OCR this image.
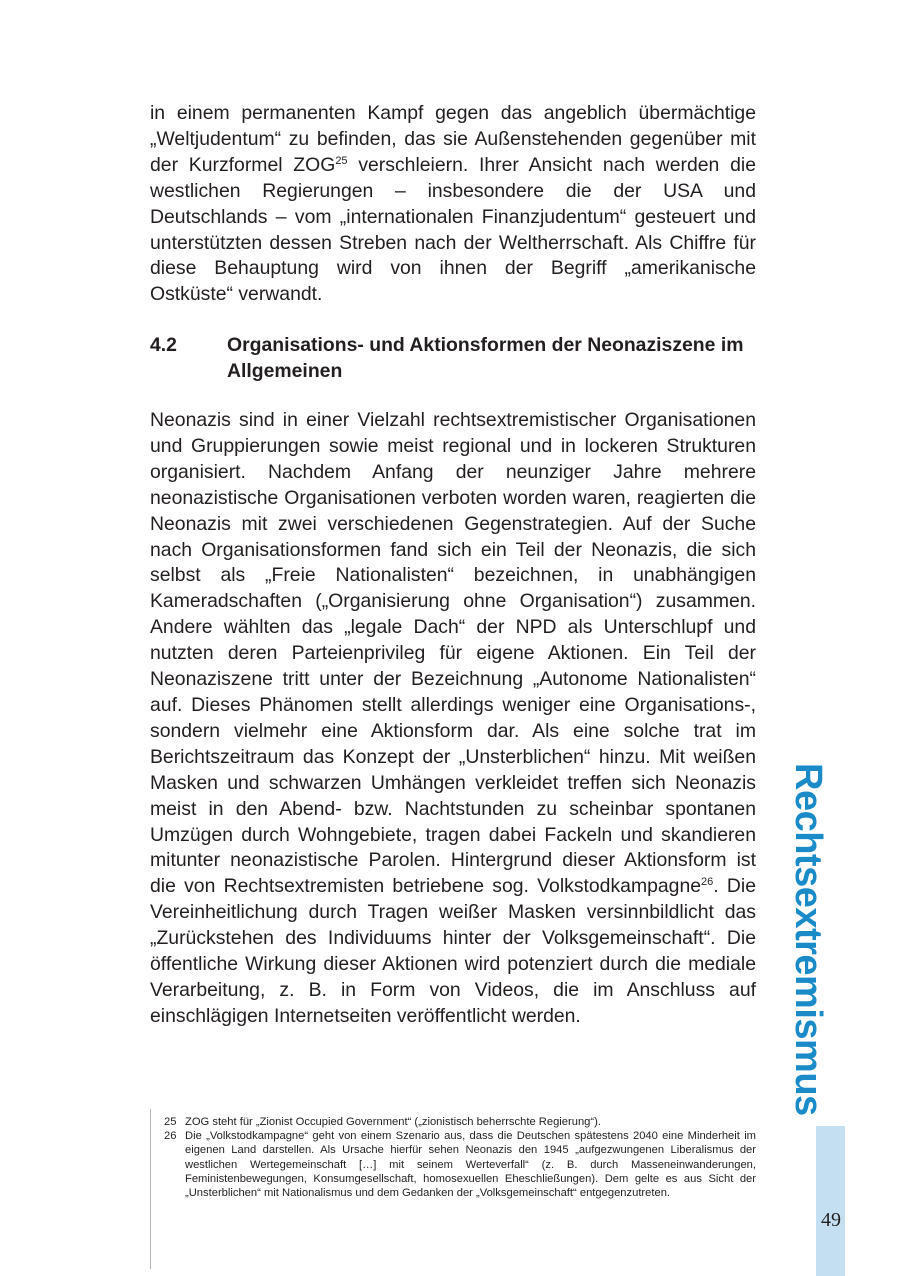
in einem permanenten Kampf gegen das angeblich übermächtige „Weltjudentum“ zu befinden, das sie Außenstehenden gegenüber mit der Kurzformel ZOG$^{25}$ verschleiern. Ihrer Ansicht nach werden die westlichen Regierungen – insbesondere die der USA und Deutschlands – vom „internationalen Finanzjudentum“ gesteuert und unterstützten dessen Streben nach der Weltherrschaft. Als Chiffre für diese Behauptung wird von ihnen der Begriff „amerikanische Ostküste“ verwandt.

4.2	Organisations- und Aktionsformen der Neonaziszene im Allgemeinen

Neonazis sind in einer Vielzahl rechtsextremistischer Organisationen und Gruppierungen sowie meist regional und in lockeren Strukturen organisiert. Nachdem Anfang der neunziger Jahre mehrere neonazistische Organisationen verboten worden waren, reagierten die Neonazis mit zwei verschiedenen Gegenstrategien. Auf der Suche nach Organisationsformen fand sich ein Teil der Neonazis, die sich selbst als „Freie Nationalisten“ bezeichnen, in unabhängigen Kameradschaften („Organisierung ohne Organisation“) zusammen. Andere wählten das „legale Dach“ der NPD als Unterschlupf und nutzten deren Parteienprivileg für eigene Aktionen. Ein Teil der Neonaziszene tritt unter der Bezeichnung „Autonome Nationalisten“ auf. Dieses Phänomen stellt allerdings weniger eine Organisations-, sondern vielmehr eine Aktionsform dar. Als eine solche trat im Berichtszeitraum das Konzept der „Unsterblichen“ hinzu. Mit weißen Masken und schwarzen Umhängen verkleidet treffen sich Neonazis meist in den Abend- bzw. Nachtstunden zu scheinbar spontanen Umzügen durch Wohngebiete, tragen dabei Fackeln und skandieren mitunter neonazistische Parolen. Hintergrund dieser Aktionsform ist die von Rechtsextremisten betriebene sog. Volkstodkampagne$^{26}$. Die Vereinheitlichung durch Tragen weißer Masken versinnbildlicht das „Zurückstehen des Individuums hinter der Volksgemeinschaft“. Die öffentliche Wirkung dieser Aktionen wird potenziert durch die mediale Verarbeitung, z. B. in Form von Videos, die im Anschluss auf einschlägigen Internetseiten veröffentlicht werden.

25 ZOG steht für „Zionist Occupied Government“ („zionistisch beherrschte Regierung“).

26 Die „Volkstodkampagne“ geht von einem Szenario aus, dass die Deutschen spätestens 2040 eine Minderheit im eigenen Land darstellen. Als Ursache hierfür sehen Neonazis den 1945 „aufgezwungenen Liberalismus der westlichen Wertegemeinschaft […] mit seinem Werteverfall“ (z. B. durch Masseneinwanderungen, Feministenbewegungen, Konsumgesellschaft, homosexuellen Eheschließungen). Dem gelte es aus Sicht der „Unsterblichen“ mit Nationalismus und dem Gedanken der „Volksgemeinschaft“ entgegenzutreten.

Rechtsextremismus
49
